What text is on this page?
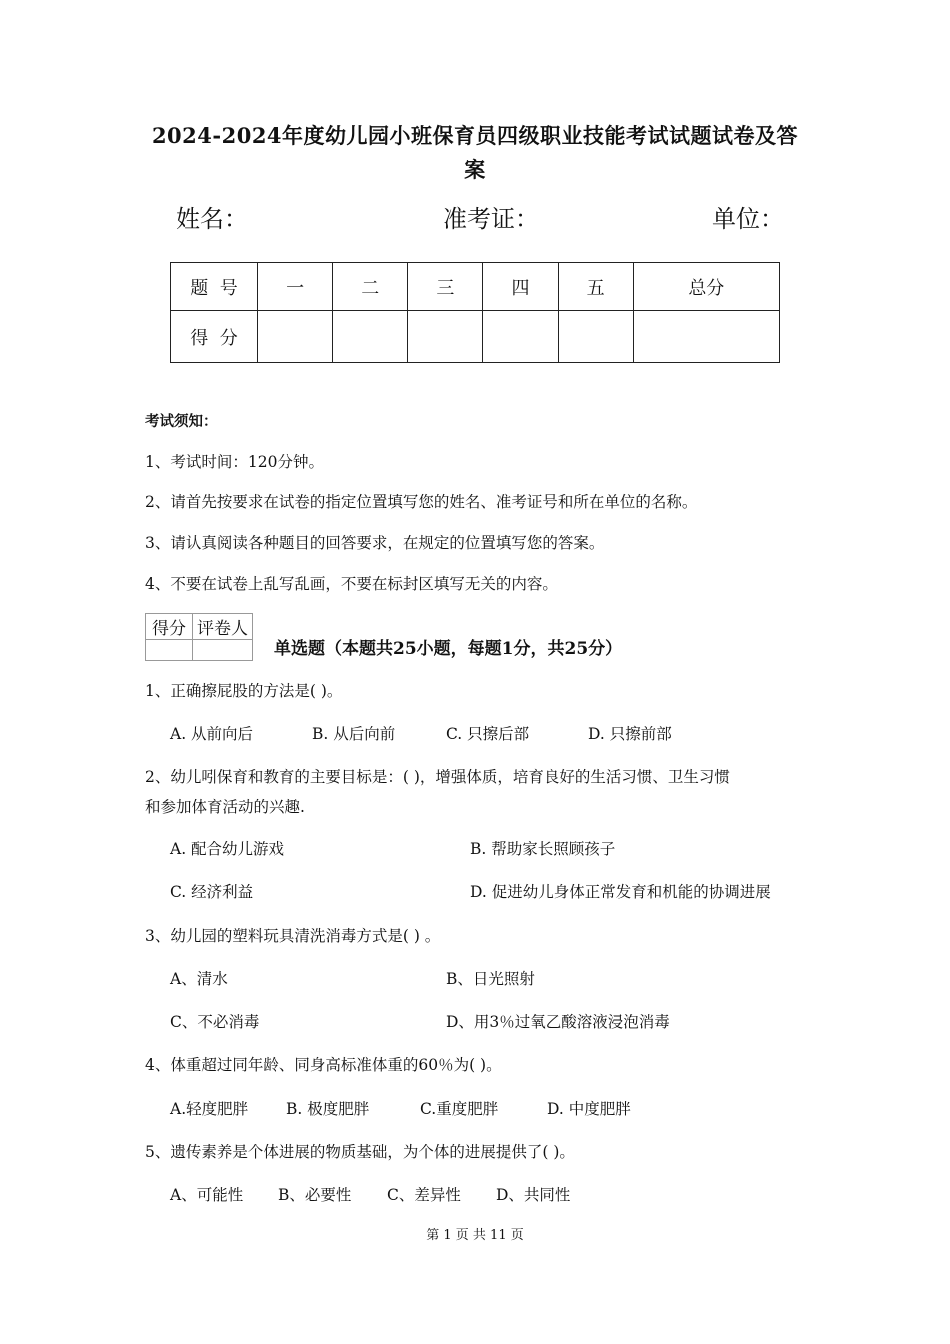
2024-2024年度幼儿园小班保育员四级职业技能考试试题试卷及答
案
姓名：	准考证：	单位：
题  号	一	二	三	四	五	总分
得  分						
考试须知：
1、考试时间：120分钟。
2、请首先按要求在试卷的指定位置填写您的姓名、准考证号和所在单位的名称。
3、请认真阅读各种题目的回答要求，在规定的位置填写您的答案。
4、不要在试卷上乱写乱画，不要在标封区填写无关的内容。
得分	评卷人

单选题（本题共25小题，每题1分，共25分）
1、正确擦屁股的方法是( )。
A. 从前向后	B. 从后向前	C. 只擦后部	D. 只擦前部
2、幼儿吲保育和教育的主要目标是：( )，增强体质，培育良好的生活习惯、卫生习惯
和参加体育活动的兴趣.
A. 配合幼儿游戏	B. 帮助家长照顾孩子
C. 经济利益	D. 促进幼儿身体正常发育和机能的协调进展
3、幼儿园的塑料玩具清洗消毒方式是( ) 。
A、清水	B、日光照射
C、不必消毒	D、用3％过氧乙酸溶液浸泡消毒
4、体重超过同年龄、同身高标准体重的60％为( )。
A.轻度肥胖 B. 极度肥胖	C.重度肥胖	D. 中度肥胖
5、遗传素养是个体进展的物质基础，为个体的进展提供了( )。
A、可能性 B、必要性 C、差异性 D、共同性
第 1 页 共 11 页
